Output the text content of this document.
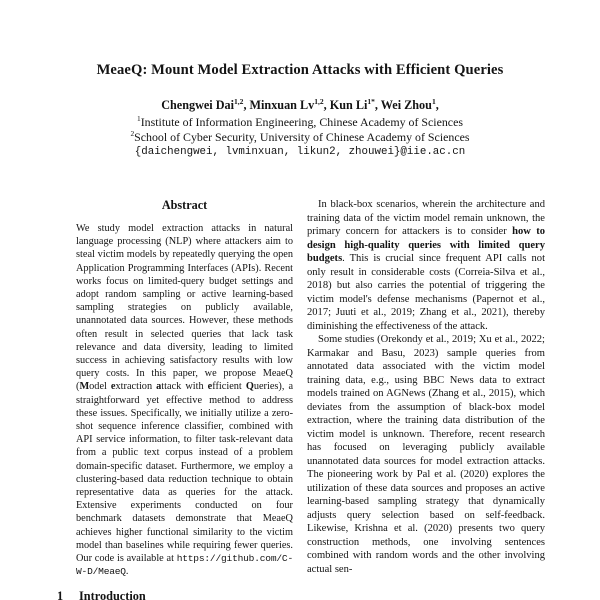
MeaeQ: Mount Model Extraction Attacks with Efficient Queries
Chengwei Dai$^{1,2}$, Minxuan Lv$^{1,2}$, Kun $Li^{1*}$, Wei Zhou$^1$,
$^1$Institute of Information Engineering, Chinese Academy of Sciences
$^2$School of Cyber Security, University of Chinese Academy of Sciences
{daichengwei, lvminxuan, likun2, zhouwei}@iie.ac.cn
Abstract
We study model extraction attacks in natural language processing (NLP) where attackers aim to steal victim models by repeatedly querying the open Application Programming Interfaces (APIs). Recent works focus on limited-query budget settings and adopt random sampling or active learning-based sampling strategies on publicly available, unannotated data sources. However, these methods often result in selected queries that lack task relevance and data diversity, leading to limited success in achieving satisfactory results with low query costs. In this paper, we propose MeaeQ (Model extraction attack with efficient Queries), a straightforward yet effective method to address these issues. Specifically, we initially utilize a zero-shot sequence inference classifier, combined with API service information, to filter task-relevant data from a public text corpus instead of a problem domain-specific dataset. Furthermore, we employ a clustering-based data reduction technique to obtain representative data as queries for the attack. Extensive experiments conducted on four benchmark datasets demonstrate that MeaeQ achieves higher functional similarity to the victim model than baselines while requiring fewer queries. Our code is available at https://github.com/C-W-D/MeaeQ.
1 Introduction

In black-box scenarios, wherein the architecture and training data of the victim model remain unknown, the primary concern for attackers is to consider how to design high-quality queries with limited query budgets. This is crucial since frequent API calls not only result in considerable costs (Correia-Silva et al., 2018) but also carries the potential of triggering the victim model's defense mechanisms (Papernot et al., 2017; Juuti et al., 2019; Zhang et al., 2021), thereby diminishing the effectiveness of the attack.

Some studies (Orekondy et al., 2019; Xu et al., 2022; Karmakar and Basu, 2023) sample queries from annotated data associated with the victim model training data, e.g., using BBC News data to extract models trained on AGNews (Zhang et al., 2015), which deviates from the assumption of black-box model extraction, where the training data distribution of the victim model is unknown. Therefore, recent research has focused on leveraging publicly available unannotated data sources for model extraction attacks. The pioneering work by Pal et al. (2020) explores the utilization of these data sources and proposes an active learning-based sampling strategy that dynamically adjusts query selection based on self-feedback. Likewise, Krishna et al. (2020) presents two query construction methods, one involving sentences combined with random words and the other involving actual sen-
